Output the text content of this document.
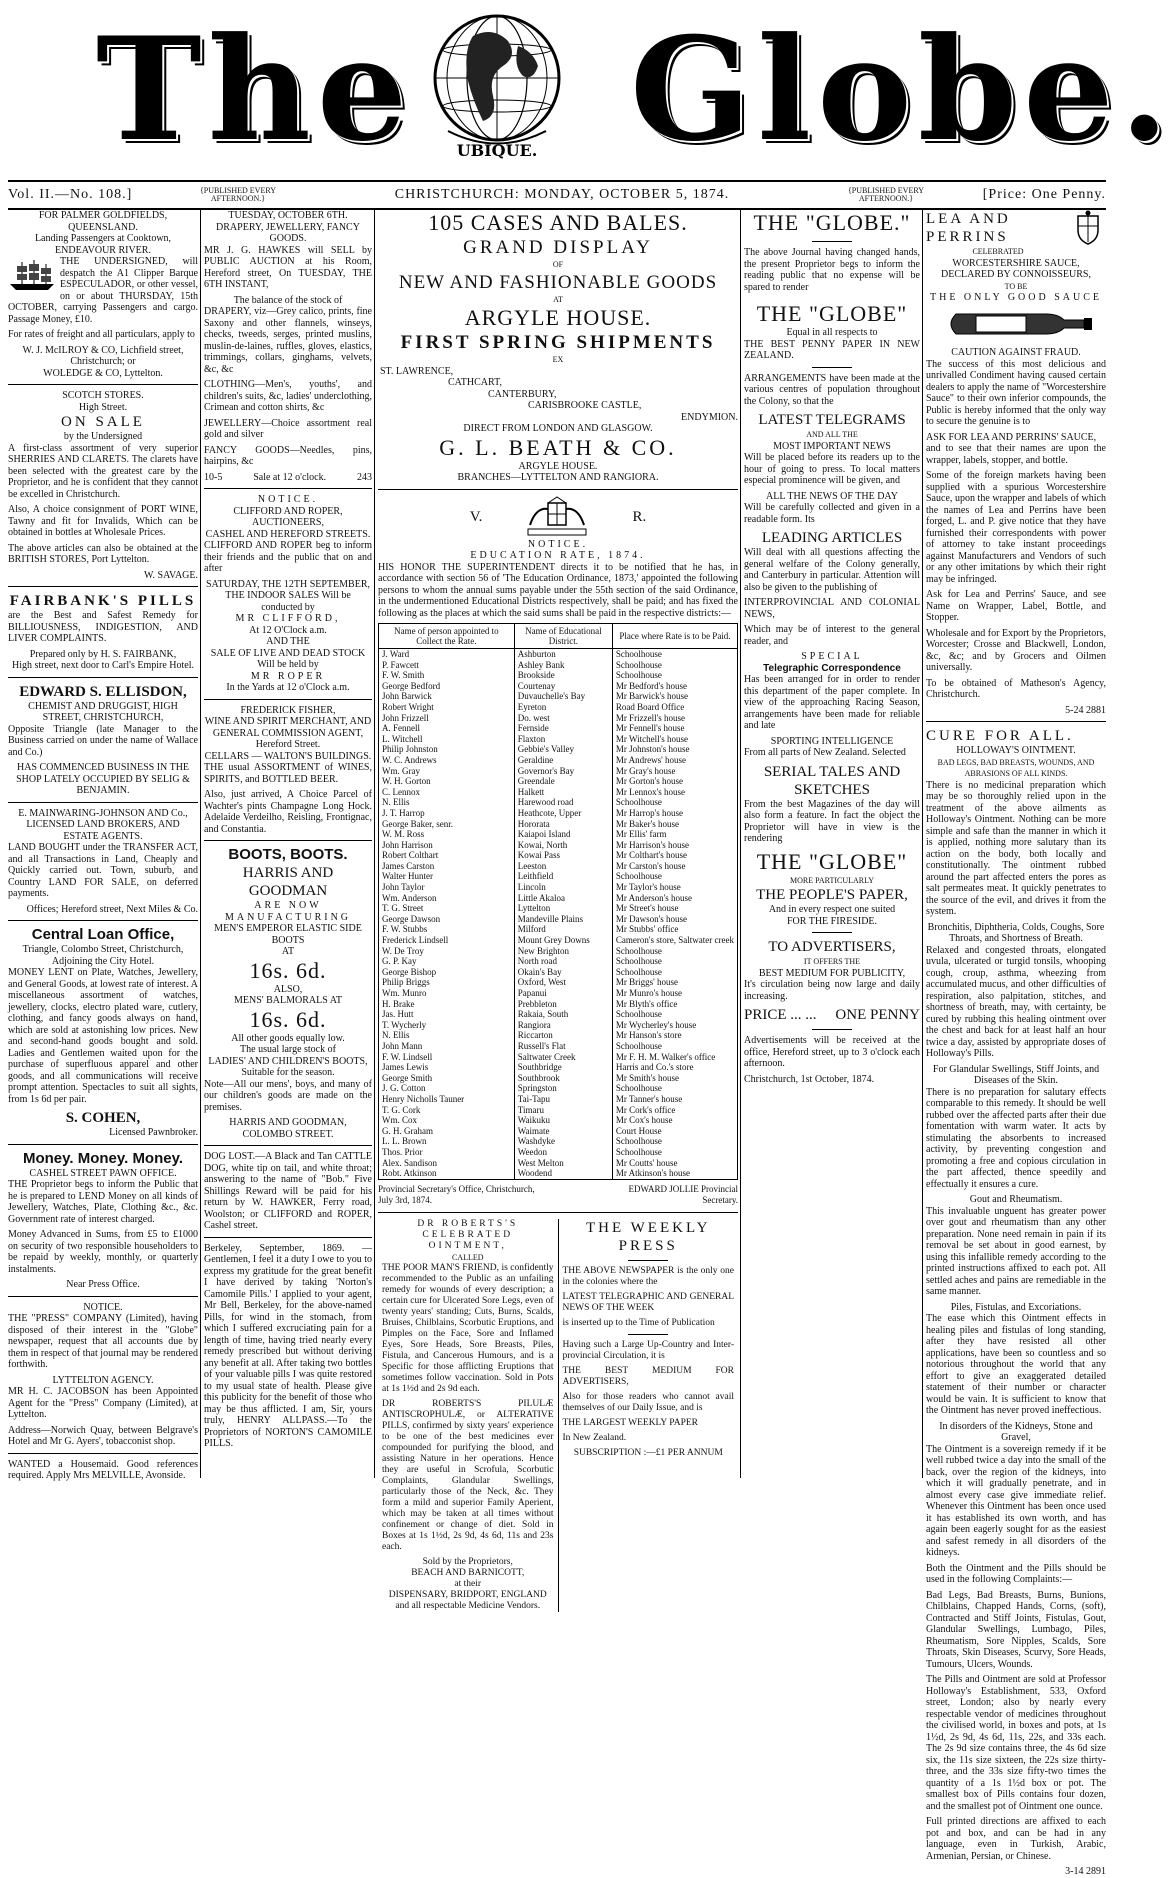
The	UBIQUE. Globe.
Vol. II.—No. 108.]	{PUBLISHED EVERY AFTERNOON.}	CHRISTCHURCH: MONDAY, OCTOBER 5, 1874.	{PUBLISHED EVERY AFTERNOON.}	[Price: One Penny.
FOR PALMER GOLDFIELDS, QUEENSLAND.
Landing Passengers at Cooktown, ENDEAVOUR RIVER.

THE UNDERSIGNED, will despatch the A1 Clipper Barque ESPECULADOR, or other vessel, on or about THURSDAY, 15th OCTOBER, carrying Passengers and cargo. Passage Money, £10.

For rates of freight and all particulars, apply to

W. J. McILROY & CO, Lichfield street, Christchurch; or
WOLEDGE & CO, Lyttelton.
SCOTCH STORES.
High Street.
ON SALE
by the Undersigned

A first-class assortment of very superior SHERRIES AND CLARETS. The clarets have been selected with the greatest care by the Proprietor, and he is confident that they cannot be excelled in Christchurch.

Also, A choice consignment of PORT WINE, Tawny and fit for Invalids, Which can be obtained in bottles at Wholesale Prices.

The above articles can also be obtained at the BRITISH STORES, Port Lyttelton.

W. SAVAGE.
FAIRBANK'S PILLS

are the Best and Safest Remedy for BILLIOUSNESS, INDIGESTION, AND LIVER COMPLAINTS.

Prepared only by H. S. FAIRBANK,
High street, next door to Carl's Empire Hotel.
EDWARD S. ELLISDON,
CHEMIST AND DRUGGIST, HIGH STREET, CHRISTCHURCH,

Opposite Triangle (late Manager to the Business carried on under the name of Wallace and Co.)

HAS COMMENCED BUSINESS IN THE SHOP LATELY OCCUPIED BY SELIG & BENJAMIN.
E. MAINWARING-JOHNSON AND Co., LICENSED LAND BROKERS, AND ESTATE AGENTS.

LAND BOUGHT under the TRANSFER ACT, and all Transactions in Land, Cheaply and Quickly carried out. Town, suburb, and Country LAND FOR SALE, on deferred payments.

Offices; Hereford street, Next Miles & Co.
Central Loan Office,
Triangle, Colombo Street, Christchurch, Adjoining the City Hotel.

MONEY LENT on Plate, Watches, Jewellery, and General Goods, at lowest rate of interest. A miscellaneous assortment of watches, jewellery, clocks, electro plated ware, cutlery, clothing, and fancy goods always on hand, which are sold at astonishing low prices. New and second-hand goods bought and sold. Ladies and Gentlemen waited upon for the purchase of superfluous apparel and other goods, and all communications will receive prompt attention. Spectacles to suit all sights, from 1s 6d per pair.

S. COHEN,
Licensed Pawnbroker.
Money. Money. Money.
CASHEL STREET PAWN OFFICE.

THE Proprietor begs to inform the Public that he is prepared to LEND Money on all kinds of Jewellery, Watches, Plate, Clothing &c., &c. Government rate of interest charged.

Money Advanced in Sums, from £5 to £1000 on security of two responsible householders to be repaid by weekly, monthly, or quarterly instalments.

Near Press Office.
NOTICE.

THE "PRESS" COMPANY (Limited), having disposed of their interest in the "Globe" newspaper, request that all accounts due by them in respect of that journal may be rendered forthwith.

LYTTELTON AGENCY.

MR H. C. JACOBSON has been Appointed Agent for the "Press" Company (Limited), at Lyttelton.

Address—Norwich Quay, between Belgrave's Hotel and Mr G. Ayers', tobacconist shop.

WANTED a Housemaid. Good references required. Apply Mrs MELVILLE, Avonside.

TUESDAY, OCTOBER 6TH.
DRAPERY, JEWELLERY, FANCY GOODS.

MR J. G. HAWKES will SELL by PUBLIC AUCTION at his Room, Hereford street, On TUESDAY, THE 6TH INSTANT,

The balance of the stock of

DRAPERY, viz—Grey calico, prints, fine Saxony and other flannels, winseys, checks, tweeds, serges, printed muslins, muslin-de-laines, ruffles, gloves, elastics, trimmings, collars, ginghams, velvets, &c, &c

CLOTHING—Men's, youths', and children's suits, &c, ladies' underclothing, Crimean and cotton shirts, &c

JEWELLERY—Choice assortment real gold and silver

FANCY GOODS—Needles, pins, hairpins, &c

10-5	Sale at 12 o'clock.	243
NOTICE.
CLIFFORD AND ROPER, AUCTIONEERS,
CASHEL AND HEREFORD STREETS.

CLIFFORD AND ROPER beg to inform their friends and the public that on and after

SATURDAY, THE 12TH SEPTEMBER,
THE INDOOR SALES Will be conducted by
MR CLIFFORD,
At 12 O'Clock a.m.
AND THE
SALE OF LIVE AND DEAD STOCK Will be held by
MR ROPER
In the Yards at 12 o'Clock a.m.
FREDERICK FISHER,
WINE AND SPIRIT MERCHANT, AND GENERAL COMMISSION AGENT,
Hereford Street.
CELLARS — WALTON'S BUILDINGS.

THE usual ASSORTMENT of WINES, SPIRITS, and BOTTLED BEER.

Also, just arrived, A Choice Parcel of Wachter's pints Champagne Long Hock. Adelaide Verdeilho, Reisling, Frontignac, and Constantia.

BOOTS, BOOTS.
HARRIS AND GOODMAN
ARE NOW MANUFACTURING
MEN'S EMPEROR ELASTIC SIDE BOOTS
AT
16s. 6d.
ALSO,
MENS' BALMORALS AT
16s. 6d.
All other goods equally low.
The usual large stock of
LADIES' AND CHILDREN'S BOOTS,
Suitable for the season.

Note—All our mens', boys, and many of our children's goods are made on the premises.

HARRIS AND GOODMAN,
COLOMBO STREET.

DOG LOST.—A Black and Tan CATTLE DOG, white tip on tail, and white throat; answering to the name of "Bob." Five Shillings Reward will be paid for his return by W. HAWKER, Ferry road, Woolston; or CLIFFORD and ROPER, Cashel street.

Berkeley, September, 1869. — Gentlemen, I feel it a duty I owe to you to express my gratitude for the great benefit I have derived by taking 'Norton's Camomile Pills.' I applied to your agent, Mr Bell, Berkeley, for the above-named Pills, for wind in the stomach, from which I suffered excruciating pain for a length of time, having tried nearly every remedy prescribed but without deriving any benefit at all. After taking two bottles of your valuable pills I was quite restored to my usual state of health. Please give this publicity for the benefit of those who may be thus afflicted. I am, Sir, yours truly, HENRY ALLPASS.—To the Proprietors of NORTON'S CAMOMILE PILLS.

105 CASES AND BALES.
GRAND DISPLAY
OF
NEW AND FASHIONABLE GOODS
AT
ARGYLE HOUSE.
FIRST SPRING SHIPMENTS
EX
ST. LAWRENCE,
CATHCART,
CANTERBURY,
CARISBROOKE CASTLE,
ENDYMION.
DIRECT FROM LONDON AND GLASGOW.
G. L. BEATH & CO.
ARGYLE HOUSE.
BRANCHES—LYTTELTON AND RANGIORA.
V.	R.
NOTICE.
EDUCATION RATE, 1874.

HIS HONOR THE SUPERINTENDENT directs it to be notified that he has, in accordance with section 56 of 'The Education Ordinance, 1873,' appointed the following persons to whom the annual sums payable under the 55th section of the said Ordinance, in the undermentioned Educational Districts respectively, shall be paid; and has fixed the following as the places at which the said sums shall be paid in the respective districts:—

Name of person appointed to Collect the Rate.	Name of Educational District.	Place where Rate is to be Paid.
J. Ward	Ashburton	Schoolhouse
P. Fawcett	Ashley Bank	Schoolhouse
F. W. Smith	Brookside	Schoolhouse
George Bedford	Courtenay	Mr Bedford's house
John Barwick	Duvauchelle's Bay	Mr Barwick's house
Robert Wright	Eyreton	Road Board Office
John Frizzell	Do. west	Mr Frizzell's house
A. Fennell	Fernside	Mr Fennell's house
L. Witchell	Flaxton	Mr Witchell's house
Philip Johnston	Gebbie's Valley	Mr Johnston's house
W. C. Andrews	Geraldine	Mr Andrews' house
Wm. Gray	Governor's Bay	Mr Gray's house
W. H. Gorton	Greendale	Mr Gorton's house
C. Lennox	Halkett	Mr Lennox's house
N. Ellis	Harewood road	Schoolhouse
J. T. Harrop	Heathcote, Upper	Mr Harrop's house
George Baker, senr.	Hororata	Mr Baker's house
W. M. Ross	Kaiapoi Island	Mr Ellis' farm
John Harrison	Kowai, North	Mr Harrison's house
Robert Colthart	Kowai Pass	Mr Colthart's house
James Carston	Leeston	Mr Carston's house
Walter Hunter	Leithfield	Schoolhouse
John Taylor	Lincoln	Mr Taylor's house
Wm. Anderson	Little Akaloa	Mr Anderson's house
T. G. Street	Lyttelton	Mr Street's house
George Dawson	Mandeville Plains	Mr Dawson's house
F. W. Stubbs	Milford	Mr Stubbs' office
Frederick Lindsell	Mount Grey Downs	Cameron's store, Saltwater creek
W. De Troy	New Brighton	Schoolhouse
G. P. Kay	North road	Schoolhouse
George Bishop	Okain's Bay	Schoolhouse
Philip Briggs	Oxford, West	Mr Briggs' house
Wm. Munro	Papanui	Mr Munro's house
H. Brake	Prebbleton	Mr Blyth's office
Jas. Hutt	Rakaia, South	Schoolhouse
T. Wycherly	Rangiora	Mr Wycherley's house
N. Ellis	Riccarton	Mr Hanson's store
John Mann	Russell's Flat	Schoolhouse
F. W. Lindsell	Saltwater Creek	Mr F. H. M. Walker's office
James Lewis	Southbridge	Harris and Co.'s store
George Smith	Southbrook	Mr Smith's house
J. G. Cotton	Springston	Schoolhouse
Henry Nicholls Tauner	Tai-Tapu	Mr Tanner's house
T. G. Cork	Timaru	Mr Cork's office
Wm. Cox	Waikuku	Mr Cox's house
G. H. Graham	Waimate	Court House
L. L. Brown	Washdyke	Schoolhouse
Thos. Prior	Weedon	Schoolhouse
Alex. Sandison	West Melton	Mr Coutts' house
Robt. Atkinson	Woodend	Mr Atkinson's house
Provincial Secretary's Office, Christchurch, July 3rd, 1874.
EDWARD JOLLIE Provincial Secretary.
DR ROBERTS'S CELEBRATED OINTMENT,
CALLED

THE POOR MAN'S FRIEND, is confidently recommended to the Public as an unfailing remedy for wounds of every description; a certain cure for Ulcerated Sore Legs, even of twenty years' standing; Cuts, Burns, Scalds, Bruises, Chilblains, Scorbutic Eruptions, and Pimples on the Face, Sore and Inflamed Eyes, Sore Heads, Sore Breasts, Piles, Fistula, and Cancerous Humours, and is a Specific for those afflicting Eruptions that sometimes follow vaccination. Sold in Pots at 1s 1½d and 2s 9d each.

DR ROBERTS'S PILULÆ ANTISCROPHULÆ, or ALTERATIVE PILLS, confirmed by sixty years' experience to be one of the best medicines ever compounded for purifying the blood, and assisting Nature in her operations. Hence they are useful in Scrofula, Scorbutic Complaints, Glandular Swellings, particularly those of the Neck, &c. They form a mild and superior Family Aperient, which may be taken at all times without confinement or change of diet. Sold in Boxes at 1s 1½d, 2s 9d, 4s 6d, 11s and 23s each.

Sold by the Proprietors,
BEACH AND BARNICOTT,
at their
DISPENSARY, BRIDPORT, ENGLAND
and all respectable Medicine Vendors.
THE WEEKLY PRESS

THE ABOVE NEWSPAPER is the only one in the colonies where the

LATEST TELEGRAPHIC AND GENERAL NEWS OF THE WEEK

is inserted up to the Time of Publication

Having such a Large Up-Country and Inter-provincial Circulation, it is

THE BEST MEDIUM FOR ADVERTISERS,

Also for those readers who cannot avail themselves of our Daily Issue, and is

THE LARGEST WEEKLY PAPER

In New Zealand.

SUBSCRIPTION :—£1 PER ANNUM
THE "GLOBE."

The above Journal having changed hands, the present Proprietor begs to inform the reading public that no expense will be spared to render

THE "GLOBE"
Equal in all respects to

THE BEST PENNY PAPER IN NEW ZEALAND.

ARRANGEMENTS have been made at the various centres of population throughout the Colony, so that the

LATEST TELEGRAMS
AND ALL THE
MOST IMPORTANT NEWS

Will be placed before its readers up to the hour of going to press. To local matters especial prominence will be given, and

ALL THE NEWS OF THE DAY

Will be carefully collected and given in a readable form. Its

LEADING ARTICLES

Will deal with all questions affecting the general welfare of the Colony generally, and Canterbury in particular. Attention will also be given to the publishing of

INTERPROVINCIAL AND COLONIAL NEWS,

Which may be of interest to the general reader, and

SPECIAL
Telegraphic Correspondence

Has been arranged for in order to render this department of the paper complete. In view of the approaching Racing Season, arrangements have been made for reliable and late

SPORTING INTELLIGENCE

From all parts of New Zealand. Selected

SERIAL TALES AND SKETCHES

From the best Magazines of the day will also form a feature. In fact the object the Proprietor will have in view is the rendering

THE "GLOBE"
MORE PARTICULARLY
THE PEOPLE'S PAPER,
And in every respect one suited
FOR THE FIRESIDE.
TO ADVERTISERS,
IT OFFERS THE
BEST MEDIUM FOR PUBLICITY,

It's circulation being now large and daily increasing.

PRICE ... ... ONE PENNY

Advertisements will be received at the office, Hereford street, up to 3 o'clock each afternoon.

Christchurch, 1st October, 1874.
LEA AND PERRINS
CELEBRATED
WORCESTERSHIRE SAUCE,
DECLARED BY CONNOISSEURS,
TO BE
THE ONLY GOOD SAUCE
CAUTION AGAINST FRAUD.

The success of this most delicious and unrivalled Condiment having caused certain dealers to apply the name of "Worcestershire Sauce" to their own inferior compounds, the Public is hereby informed that the only way to secure the genuine is to

ASK FOR LEA AND PERRINS' SAUCE,

and to see that their names are upon the wrapper, labels, stopper, and bottle.

Some of the foreign markets having been supplied with a spurious Worcestershire Sauce, upon the wrapper and labels of which the names of Lea and Perrins have been forged, L. and P. give notice that they have furnished their correspondents with power of attorney to take instant proceedings against Manufacturers and Vendors of such or any other imitations by which their right may be infringed.

Ask for Lea and Perrins' Sauce, and see Name on Wrapper, Label, Bottle, and Stopper.

Wholesale and for Export by the Proprietors, Worcester; Crosse and Blackwell, London, &c, &c; and by Grocers and Oilmen universally.

To be obtained of Matheson's Agency, Christchurch.

5-24 2881
CURE FOR ALL.
HOLLOWAY'S OINTMENT.
BAD LEGS, BAD BREASTS, WOUNDS, AND ABRASIONS OF ALL KINDS.

There is no medicinal preparation which may be so thoroughly relied upon in the treatment of the above ailments as Holloway's Ointment. Nothing can be more simple and safe than the manner in which it is applied, nothing more salutary than its action on the body, both locally and constitutionally. The ointment rubbed around the part affected enters the pores as salt permeates meat. It quickly penetrates to the source of the evil, and drives it from the system.

Bronchitis, Diphtheria, Colds, Coughs, Sore Throats, and Shortness of Breath.

Relaxed and congested throats, elongated uvula, ulcerated or turgid tonsils, whooping cough, croup, asthma, wheezing from accumulated mucus, and other difficulties of respiration, also palpitation, stitches, and shortness of breath, may, with certainty, be cured by rubbing this healing ointment over the chest and back for at least half an hour twice a day, assisted by appropriate doses of Holloway's Pills.

For Glandular Swellings, Stiff Joints, and Diseases of the Skin.

There is no preparation for salutary effects comparable to this remedy. It should be well rubbed over the affected parts after their due fomentation with warm water. It acts by stimulating the absorbents to increased activity, by preventing congestion and promoting a free and copious circulation in the part affected, thence speedily and effectually it ensures a cure.

Gout and Rheumatism.

This invaluable unguent has greater power over gout and rheumatism than any other preparation. None need remain in pain if its removal be set about in good earnest, by using this infallible remedy according to the printed instructions affixed to each pot. All settled aches and pains are remediable in the same manner.

Piles, Fistulas, and Excoriations.

The ease which this Ointment effects in healing piles and fistulas of long standing, after they have resisted all other applications, have been so countless and so notorious throughout the world that any effort to give an exaggerated detailed statement of their number or character would be vain. It is sufficient to know that the Ointment has never proved ineffectious.

In disorders of the Kidneys, Stone and Gravel,

The Ointment is a sovereign remedy if it be well rubbed twice a day into the small of the back, over the region of the kidneys, into which it will gradually penetrate, and in almost every case give immediate relief. Whenever this Ointment has been once used it has established its own worth, and has again been eagerly sought for as the easiest and safest remedy in all disorders of the kidneys.

Both the Ointment and the Pills should be used in the following Complaints:—

Bad Legs, Bad Breasts, Burns, Bunions, Chilblains, Chapped Hands, Corns, (soft), Contracted and Stiff Joints, Fistulas, Gout, Glandular Swellings, Lumbago, Piles, Rheumatism, Sore Nipples, Scalds, Sore Throats, Skin Diseases, Scurvy, Sore Heads, Tumours, Ulcers, Wounds.

The Pills and Ointment are sold at Professor Holloway's Establishment, 533, Oxford street, London; also by nearly every respectable vendor of medicines throughout the civilised world, in boxes and pots, at 1s 1½d, 2s 9d, 4s 6d, 11s, 22s, and 33s each. The 2s 9d size contains three, the 4s 6d size six, the 11s size sixteen, the 22s size thirty-three, and the 33s size fifty-two times the quantity of a 1s 1½d box or pot. The smallest box of Pills contains four dozen, and the smallest pot of Ointment one ounce.

Full printed directions are affixed to each pot and box, and can be had in any language, even in Turkish, Arabic, Armenian, Persian, or Chinese.

3-14 2891
